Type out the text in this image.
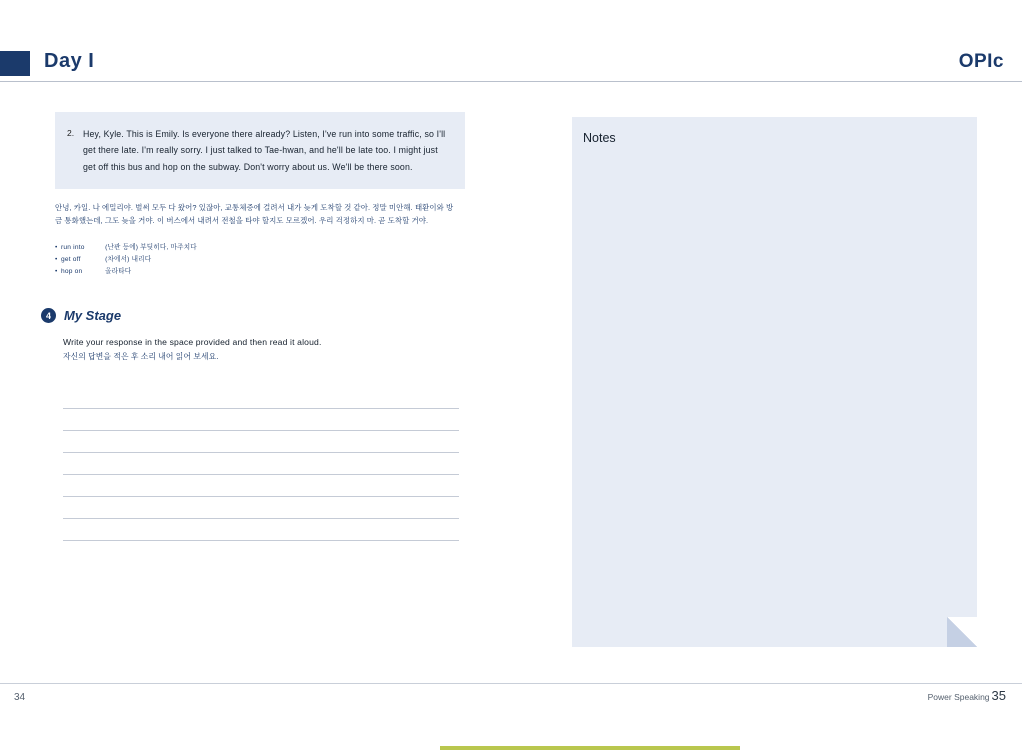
Day I	OPIc
2.	Hey, Kyle. This is Emily. Is everyone there already? Listen, I've run into some traffic, so I'll get there late. I'm really sorry. I just talked to Tae-hwan, and he'll be late too. I might just get off this bus and hop on the subway. Don't worry about us. We'll be there soon.
안녕, 카일. 나 에밀리야. 벌써 모두 다 왔어? 있잖아, 교통체증에 걸려서 내가 늦게 도착할 것 같아. 정말 미안해. 태환이와 방금 통화했는데, 그도 늦을 거야. 이 버스에서 내려서 전철을 타야 할지도 모르겠어. 우리 걱정하지 마. 곧 도착할 거야.
• run into	(난관 등에) 부딪히다, 마주치다
• get off	(차에서) 내리다
• hop on	올라타다
4	My Stage
Write your response in the space provided and then read it aloud.
자신의 답변을 적은 후 소리 내어 읽어 보세요.
Notes
34	Power Speaking 35
